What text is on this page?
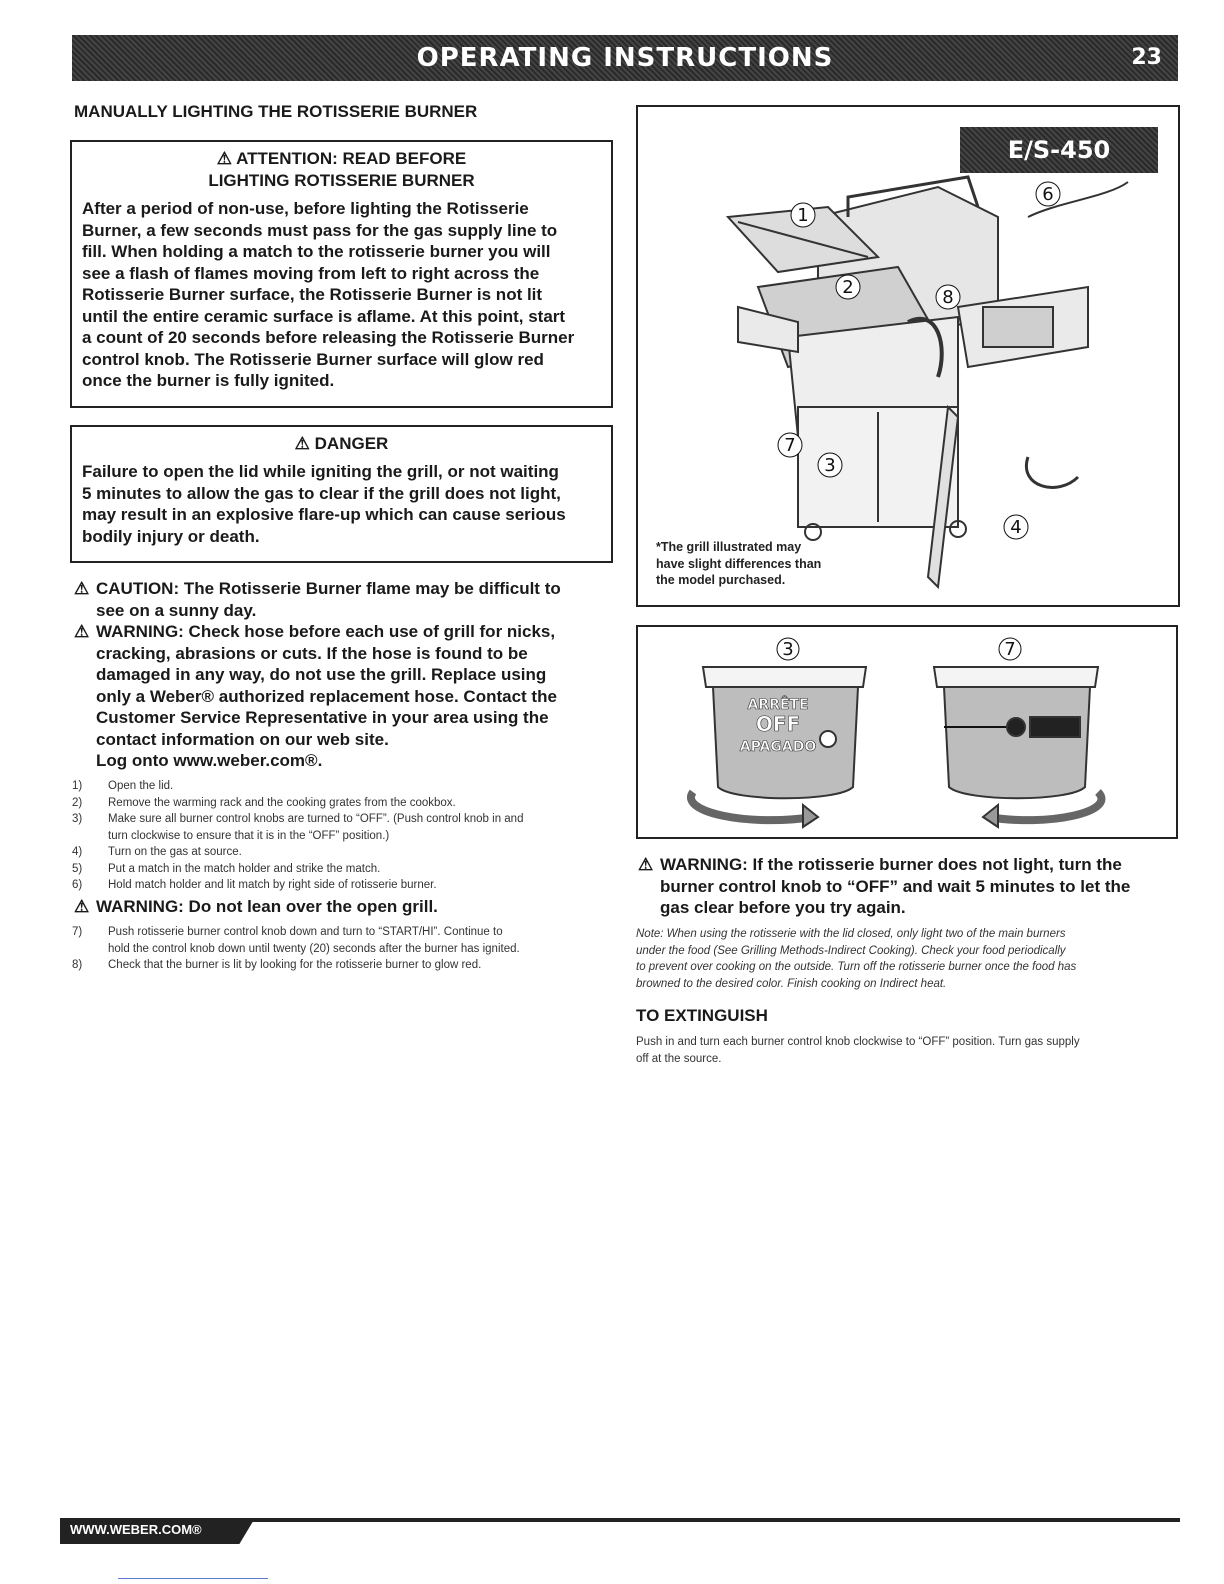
OPERATING INSTRUCTIONS	23
MANUALLY LIGHTING THE ROTISSERIE BURNER
⚠ ATTENTION: READ BEFORE
LIGHTING ROTISSERIE BURNER
After a period of non-use, before lighting the Rotisserie
Burner, a few seconds must pass for the gas supply line to
fill. When holding a match to the rotisserie burner you will
see a flash of flames moving from left to right across the
Rotisserie Burner surface, the Rotisserie Burner is not lit
until the entire ceramic surface is aflame. At this point, start
a count of 20 seconds before releasing the Rotisserie Burner
control knob. The Rotisserie Burner surface will glow red
once the burner is fully ignited.
⚠ DANGER
Failure to open the lid while igniting the grill, or not waiting
5 minutes to allow the gas to clear if the grill does not light,
may result in an explosive flare-up which can cause serious
bodily injury or death.
⚠ CAUTION: The Rotisserie Burner flame may be difficult to
see on a sunny day.
⚠ WARNING: Check hose before each use of grill for nicks,
cracking, abrasions or cuts. If the hose is found to be
damaged in any way, do not use the grill. Replace using
only a Weber® authorized replacement hose. Contact the
Customer Service Representative in your area using the
contact information on our web site.
Log onto www.weber.com®.
1)	Open the lid.
2)	Remove the warming rack and the cooking grates from the cookbox.
3)	Make sure all burner control knobs are turned to “OFF”. (Push control knob in and
turn clockwise to ensure that it is in the “OFF” position.)
4)	Turn on the gas at source.
5)	Put a match in the match holder and strike the match.
6)	Hold match holder and lit match by right side of rotisserie burner.
⚠ WARNING: Do not lean over the open grill.
7)	Push rotisserie burner control knob down and turn to “START/HI”. Continue to
hold the control knob down until twenty (20) seconds after the burner has ignited.
8)	Check that the burner is lit by looking for the rotisserie burner to glow red.
E/S-450
1
2
3
4
6
7
8
*The grill illustrated may
have slight differences than
the model purchased.
3	7
ARRÊTE
OFF
APAGADO
⚠ WARNING: If the rotisserie burner does not light, turn the
burner control knob to “OFF” and wait 5 minutes to let the
gas clear before you try again.
Note: When using the rotisserie with the lid closed, only light two of the main burners
under the food (See Grilling Methods-Indirect Cooking). Check your food periodically
to prevent over cooking on the outside. Turn off the rotisserie burner once the food has
browned to the desired color. Finish cooking on Indirect heat.
TO EXTINGUISH
Push in and turn each burner control knob clockwise to “OFF” position. Turn gas supply
off at the source.
WWW.WEBER.COM®
